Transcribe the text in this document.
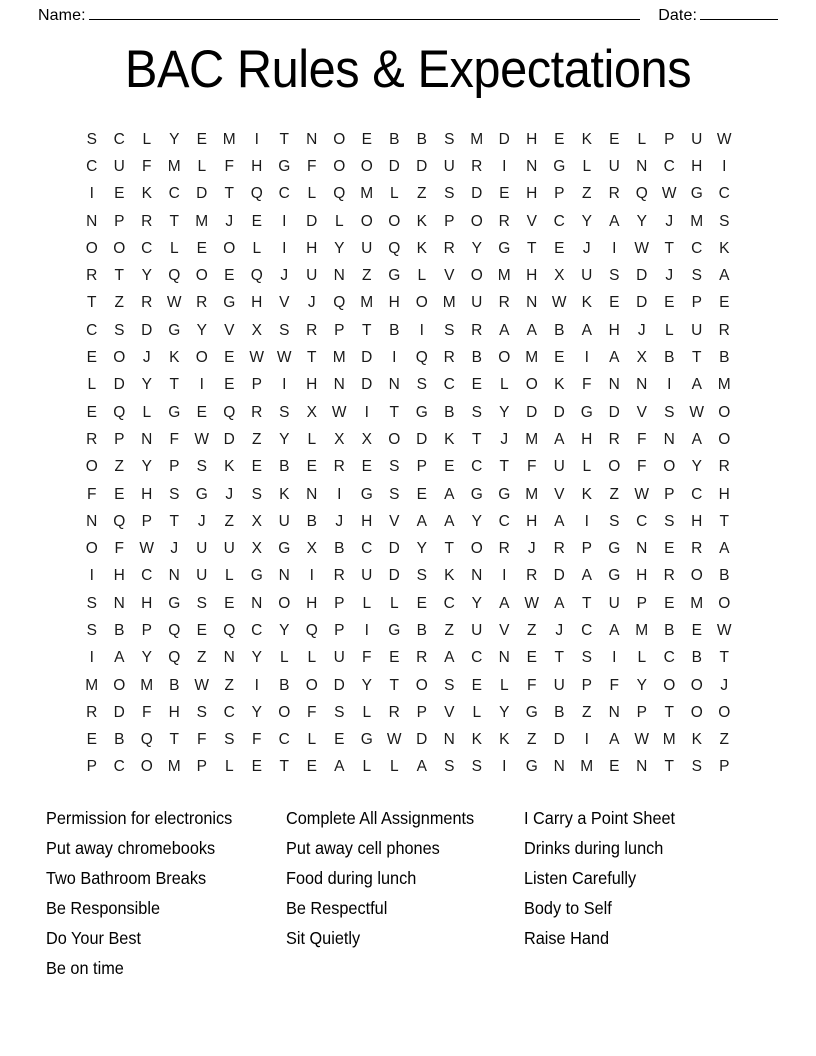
Name:	Date:
BAC Rules & Expectations
S	C	L	Y	E	M	I	T	N	O	E	B	B	S	M	D	H	E	K	E	L	P	U	W
C	U	F	M	L	F	H	G	F	O	O	D	D	U	R	I	N	G	L	U	N	C	H	I
I	E	K	C	D	T	Q	C	L	Q	M	L	Z	S	D	E	H	P	Z	R	Q	W	G	C
N	P	R	T	M	J	E	I	D	L	O	O	K	P	O	R	V	C	Y	A	Y	J	M	S
O	O	C	L	E	O	L	I	H	Y	U	Q	K	R	Y	G	T	E	J	I	W	T	C	K
R	T	Y	Q	O	E	Q	J	U	N	Z	G	L	V	O	M	H	X	U	S	D	J	S	A
T	Z	R	W	R	G	H	V	J	Q	M	H	O	M	U	R	N	W	K	E	D	E	P	E
C	S	D	G	Y	V	X	S	R	P	T	B	I	S	R	A	A	B	A	H	J	L	U	R
E	O	J	K	O	E	W	W	T	M	D	I	Q	R	B	O	M	E	I	A	X	B	T	B
L	D	Y	T	I	E	P	I	H	N	D	N	S	C	E	L	O	K	F	N	N	I	A	M
E	Q	L	G	E	Q	R	S	X	W	I	T	G	B	S	Y	D	D	G	D	V	S	W	O
R	P	N	F	W	D	Z	Y	L	X	X	O	D	K	T	J	M	A	H	R	F	N	A	O
O	Z	Y	P	S	K	E	B	E	R	E	S	P	E	C	T	F	U	L	O	F	O	Y	R
F	E	H	S	G	J	S	K	N	I	G	S	E	A	G	G	M	V	K	Z	W	P	C	H
N	Q	P	T	J	Z	X	U	B	J	H	V	A	A	Y	C	H	A	I	S	C	S	H	T
O	F	W	J	U	U	X	G	X	B	C	D	Y	T	O	R	J	R	P	G	N	E	R	A
I	H	C	N	U	L	G	N	I	R	U	D	S	K	N	I	R	D	A	G	H	R	O	B
S	N	H	G	S	E	N	O	H	P	L	L	E	C	Y	A	W	A	T	U	P	E	M	O
S	B	P	Q	E	Q	C	Y	Q	P	I	G	B	Z	U	V	Z	J	C	A	M	B	E	W
I	A	Y	Q	Z	N	Y	L	L	U	F	E	R	A	C	N	E	T	S	I	L	C	B	T
M	O	M	B	W	Z	I	B	O	D	Y	T	O	S	E	L	F	U	P	F	Y	O	O	J
R	D	F	H	S	C	Y	O	F	S	L	R	P	V	L	Y	G	B	Z	N	P	T	O	O
E	B	Q	T	F	S	F	C	L	E	G	W	D	N	K	K	Z	D	I	A	W	M	K	Z
P	C	O	M	P	L	E	T	E	A	L	L	A	S	S	I	G	N	M	E	N	T	S	P
Permission for electronics	Complete All Assignments	I Carry a Point Sheet
Put away chromebooks	Put away cell phones	Drinks during lunch
Two Bathroom Breaks	Food during lunch	Listen Carefully
Be Responsible	Be Respectful	Body to Self
Do Your Best	Sit Quietly	Raise Hand
Be on time
